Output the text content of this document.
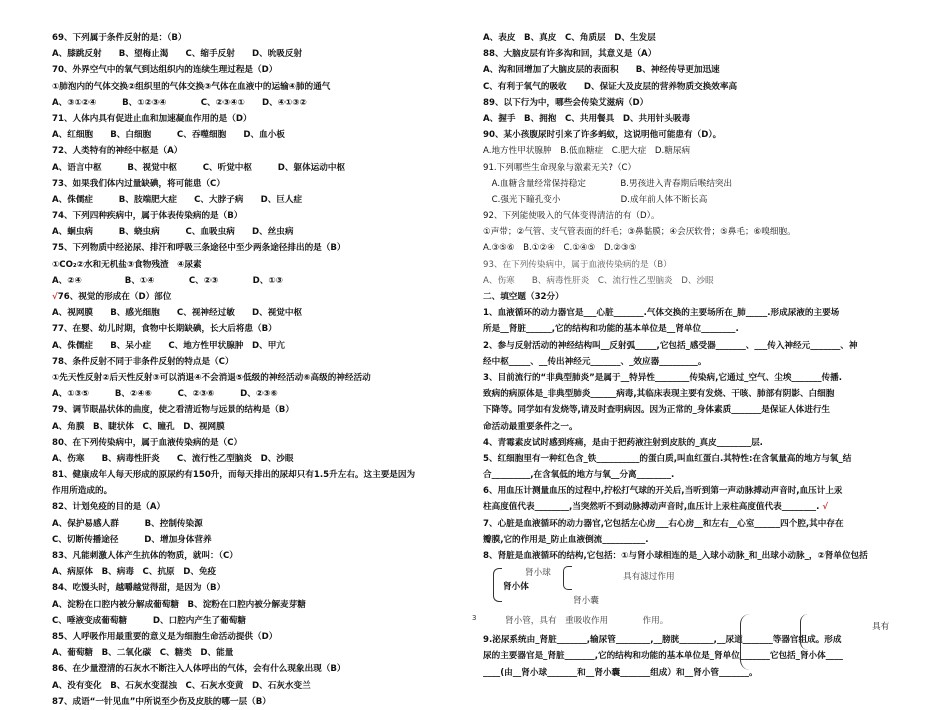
69、下列属于条件反射的是：（B）
A、膝跳反射　　B、望梅止渴　　C、缩手反射　　D、吮吸反射
70、外界空气中的氧气到达组织内的连续生理过程是（D）
①肺泡内的气体交换②组织里的气体交换③气体在血液中的运输④肺的通气
A、③①②④　　　B、①②③④　　　　C、②③④①　　D、④①③②
71、人体内具有促进止血和加速凝血作用的是（D）
A、红细胞　　B、白细胞　　　C、吞噬细胞　　D、血小板
72、人类特有的神经中枢是（A）
A、语言中枢　　　B、视觉中枢　　　C、听觉中枢　　　D、躯体运动中枢
73、如果我们体内过量缺碘，将可能患（C）
A、侏儒症　　　B、肢端肥大症　　C、大脖子病　　D、巨人症
74、下列四种疾病中，属于体表传染病的是（B）
A、蛔虫病　　　B、蛲虫病　　　C、血吸虫病　　D、丝虫病
75、下列物质中经泌尿、排汗和呼吸三条途径中至少两条途径排出的是（B）
①CO₂②水和无机盐③食物残渣　④尿素
A、②④　　　　　B、①④　　　　C、②③　　　　D、①③
√76、视觉的形成在（D）部位
A、视网膜　　B、感光细胞　　C、视神经过敏　　D、视觉中枢
77、在婴、幼儿时期，食物中长期缺碘，长大后将患（B）
A、侏儒症　　B、呆小症　　C、地方性甲状腺肿　D、甲亢
78、条件反射不同于非条件反射的特点是（C）
①先天性反射②后天性反射③可以消退④不会消退⑤低级的神经活动⑥高级的神经活动
A、①③⑤　　　B、②④⑥　　　C、②③⑥　　　D、②③⑥
79、调节眼晶状体的曲度，使之看清近物与远景的结构是（B）
A、角膜　B、睫状体　C、瞳孔　D、视网膜
80、在下列传染病中，属于血液传染病的是（C）
A、伤寒　　B、病毒性肝炎　　C、流行性乙型脑炎　D、沙眼
81、健康成年人每天形成的原尿约有150升，而每天排出的尿却只有1.5升左右。这主要是因为
作用所造成的。
82、计划免疫的目的是（A）
A、保护易感人群　　　B、控制传染源
C、切断传播途径　　　D、增加身体营养
83、凡能刺激人体产生抗体的物质，就叫：（C）
A、病原体　B、病毒　C、抗原　D、免疫
84、吃馒头时，越嚼越觉得甜，是因为（B）
A、淀粉在口腔内被分解成葡萄糖　B、淀粉在口腔内被分解麦芽糖
C、唾液变成葡萄糖　　　D、口腔内产生了葡萄糖
85、人呼吸作用最重要的意义是为细胞生命活动提供（D）
A、葡萄糖　B、二氧化碳　C、糖类　D、能量
86、在少量澄清的石灰水不断注入人体呼出的气体，会有什么现象出现（B）
A、没有变化　B、石灰水变混浊　C、石灰水变黄　D、石灰水变兰
87、成语“一针见血”中所说至少伤及皮肤的哪一层（B）
A、表皮　B、真皮　C、角质层　D、生发层
88、大脑皮层有许多沟和回，其意义是（A）
A、沟和回增加了大脑皮层的表面积　　B、神经传导更加迅速
C、有利于氧气的吸收　　D、保证大及皮层的营养物质交换效率高
89、以下行为中，哪些会传染艾滋病（D）
A、握手　B、拥抱　C、共用餐具　D、共用针头吸毒
90、某小孩腹尿时引来了许多蚂蚁，这说明他可能患有（D）。
A.地方性甲状腺肿　B.低血糖症　C.肥大症　D.糖尿病
91.下列哪些生命现象与激素无关?（C）
　A.血糖含量经常保持稳定　　　　B.男孩进入青春期后喉结突出
　C.强光下瞳孔变小　　　　　　　D.成年前人体不断长高
92、下列能使吸入的气体变得清洁的有（D）。
①声带；②气管、支气管表面的纤毛；③鼻黏膜；④会厌软骨；⑤鼻毛；⑥嗅细胞。
A.③⑤⑥　B.①②④　C.①④⑤　D.②③⑤
93、在下列传染病中，属于血液传染病的是（B）
A、伤寒　　B、病毒性肝炎　C、流行性乙型脑炎　D、沙眼
二、填空题（32分）
1、血液循环的动力器官是___心脏_______.气体交换的主要场所在_肺_____.形成尿液的主要场
所是__肾脏______,它的结构和功能的基本单位是__肾单位________.
2、参与反射活动的神经结构叫__反射弧_____,它包括_感受器_______、___传入神经元_______、神
经中枢_____、__传出神经元_______、_效应器_________。
3、目前流行的“非典型肺炎”是属于__特异性________传染病,它通过_空气、尘埃_______传播.
致病的病原体是_非典型肺炎______病毒,其临床表现主要有发烧、干咳、肺部有阴影、白细胞
下降等。同学如有发烧等,请及时查明病因。因为正常的_身体素质_______是保证人体进行生
命活动最重要条件之一。
4、青霉素皮试时感到疼痛，是由于把药液注射到皮肤的_真皮________层.
5、红细胞里有一种红色含_铁__________的蛋白质,叫血红蛋白.其特性:在含氧量高的地方与氧_结
合_________,在含氧低的地方与氧__分离________.
6、用血压计测量血压的过程中,拧松打气球的开关后,当听到第一声动脉搏动声音时,血压计上汞
柱高度值代表________,当突然听不到动脉搏动声音时,血压计上汞柱高度值代表________. √
7、心脏是血液循环的动力器官,它包括左心房___右心房__和左右__心室______四个腔,其中存在
瓣膜,它的作用是_防止血液倒流__________.
8、肾脏是血液循环的结构,它包括：①与肾小球相连的是_入球小动脉_和_出球小动脉_，②肾单位包括
肾小球	具有滤过作用
肾小体
肾小囊
肾小管，具有　重吸收作用　　　　作用。
9.泌尿系统由_肾脏_______,输尿管________,__膀胱________,__尿道_______等器官组成。形成
尿的主要器官是_肾脏_______,它的结构和功能的基本单位是_肾单位_______它包括_肾小体____
____(由__肾小球_______和__肾小囊_______组成）和__肾小管_______。
3
具有
